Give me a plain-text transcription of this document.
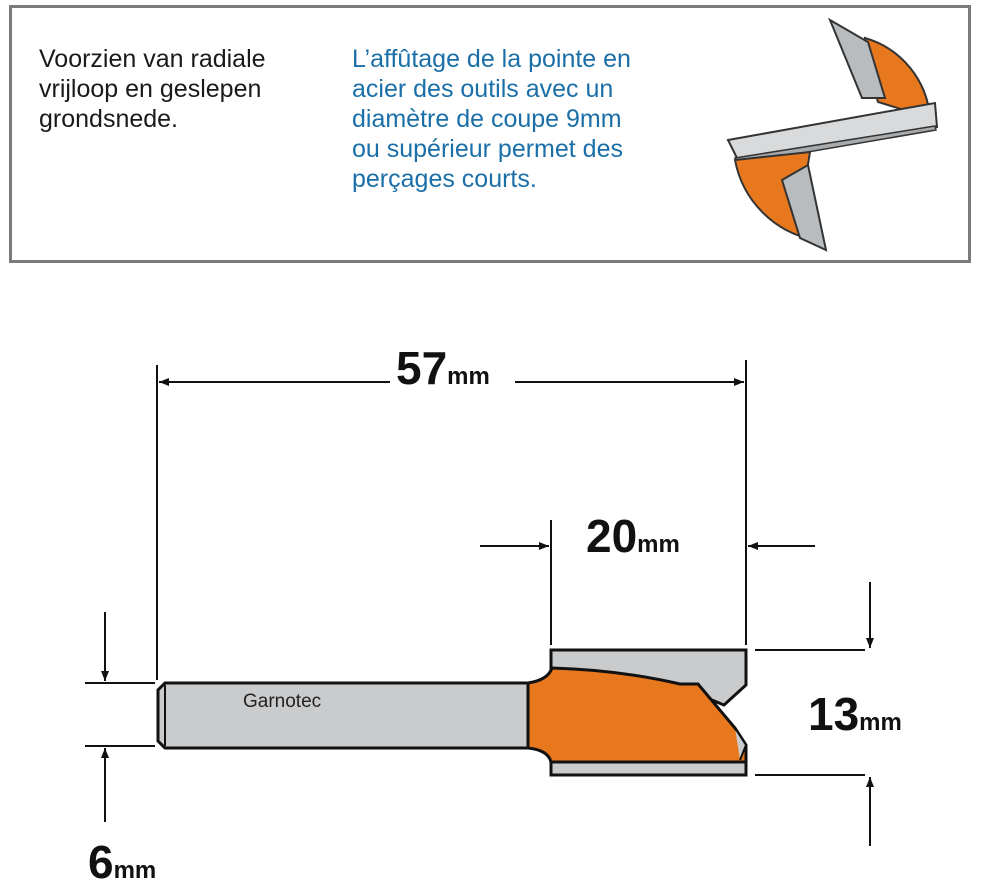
Voorzien van radiale
vrijloop en geslepen
grondsnede.
L’affûtage de la pointe en
acier des outils avec un
diamètre de coupe 9mm
ou supérieur permet des
perçages courts.
57mm
20mm
13mm
6mm
Garnotec
